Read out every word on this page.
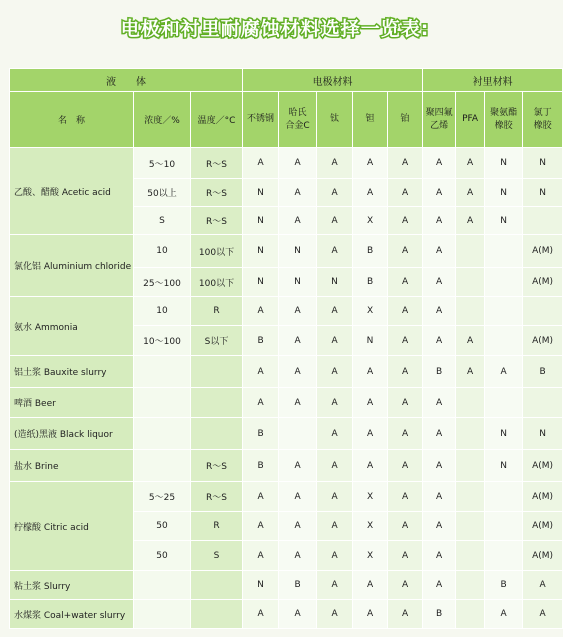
电极和衬里耐腐蚀材料选择一览表:
液　　体			电极材料					衬里材料			
名　称	浓度／%	温度／°C	不锈钢	哈氏合金C	钛	钽	铂	聚四氟乙烯	PFA	聚氨酯橡胶	氯丁橡胶
乙酸、醋酸 Acetic acid	5～10	R～S	A	A	A	A	A	A	A	N	N
	50以上	R～S	N	A	A	A	A	A	A	N	N
	S	R～S	N	A	A	X	A	A	A	N	
氯化铝 Aluminium chloride	10	100以下	N	N	A	B	A	A			A(M)
	25～100	100以下	N	N	N	B	A	A			A(M)
氨水 Ammonia	10	R	A	A	A	X	A	A			
	10～100	S以下	B	A	A	N	A	A	A		A(M)
铝土浆 Bauxite slurry			A	A	A	A	A	B	A	A	B
啤酒 Beer			A	A	A	A	A	A			
(造纸)黑液 Black liquor			B		A	A	A	A		N	N
盐水 Brine		R～S	B	A	A	A	A	A		N	A(M)
柠檬酸 Citric acid	5～25	R～S	A	A	A	X	A	A			A(M)
	50	R	A	A	A	X	A	A			A(M)
	50	S	A	A	A	X	A	A			A(M)
粘土浆 Slurry			N	B	A	A	A	A		B	A
水煤浆 Coal+water slurry			A	A	A	A	A	B		A	A
